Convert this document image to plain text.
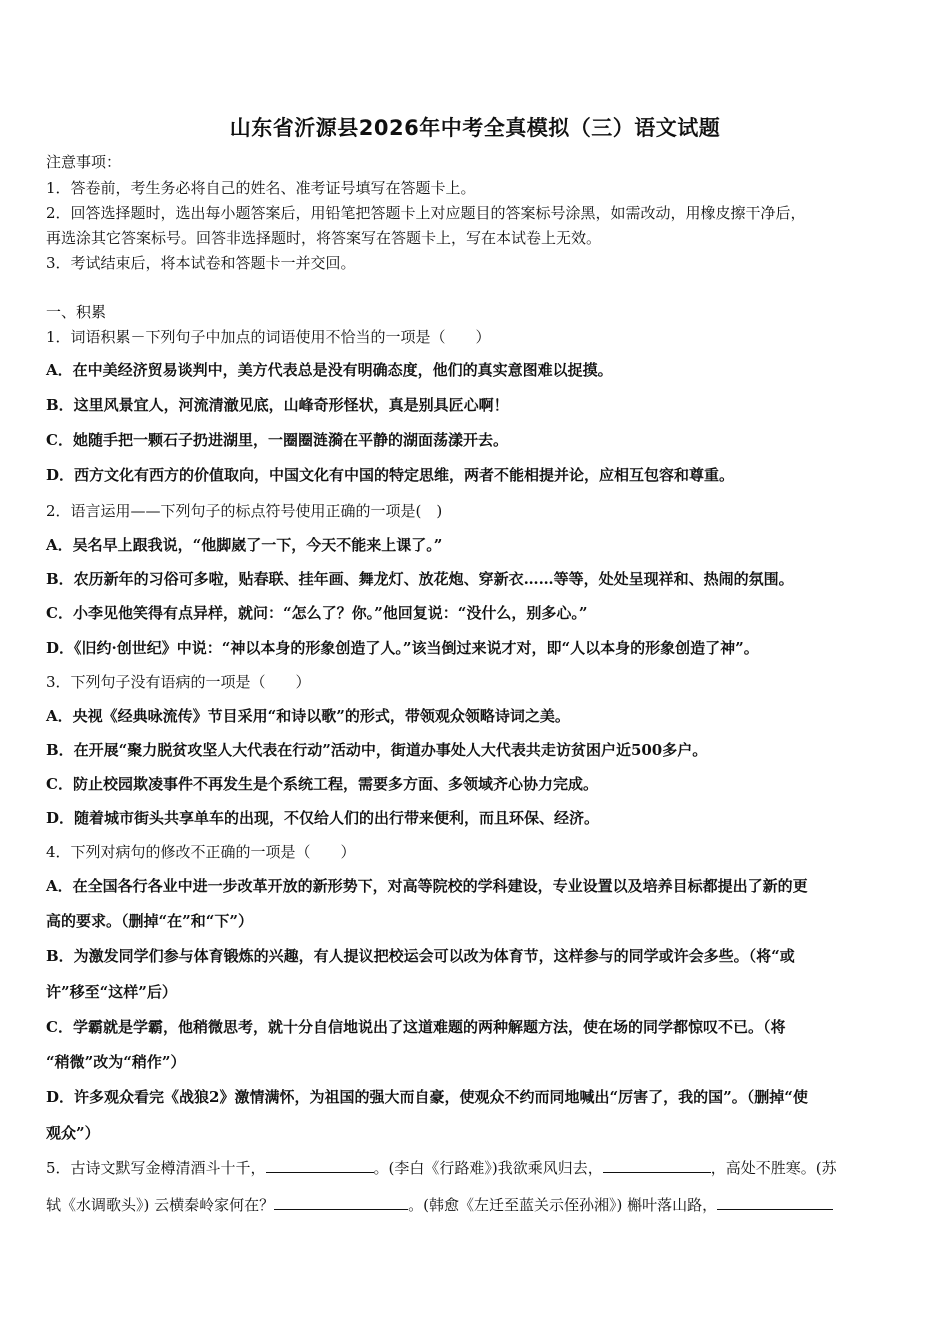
山东省沂源县2026年中考全真模拟（三）语文试题
注意事项：
1．答卷前，考生务必将自己的姓名、准考证号填写在答题卡上。
2．回答选择题时，选出每小题答案后，用铅笔把答题卡上对应题目的答案标号涂黑，如需改动，用橡皮擦干净后，
再选涂其它答案标号。回答非选择题时，将答案写在答题卡上，写在本试卷上无效。
3．考试结束后，将本试卷和答题卡一并交回。
一、积累
1．词语积累－下列句子中加点的词语使用不恰当的一项是（　　）
A．在中美经济贸易谈判中，美方代表总是没有明确态度，他们的真实意图难以捉摸。
B．这里风景宜人，河流清澈见底，山峰奇形怪状，真是别具匠心啊！
C．她随手把一颗石子扔进湖里，一圈圈涟漪在平静的湖面荡漾开去。
D．西方文化有西方的价值取向，中国文化有中国的特定思维，两者不能相提并论，应相互包容和尊重。
2．语言运用——下列句子的标点符号使用正确的一项是(　)
A．吴名早上跟我说，“他脚崴了一下，今天不能来上课了。”
B．农历新年的习俗可多啦，贴春联、挂年画、舞龙灯、放花炮、穿新衣……等等，处处呈现祥和、热闹的氛围。
C．小李见他笑得有点异样，就问：“怎么了？你。”他回复说：“没什么，别多心。”
D．《旧约·创世纪》中说：“神以本身的形象创造了人。”该当倒过来说才对，即“人以本身的形象创造了神”。
3．下列句子没有语病的一项是（　　）
A．央视《经典咏流传》节目采用“和诗以歌”的形式，带领观众领略诗词之美。
B．在开展“聚力脱贫攻坚人大代表在行动”活动中，街道办事处人大代表共走访贫困户近500多户。
C．防止校园欺凌事件不再发生是个系统工程，需要多方面、多领域齐心协力完成。
D．随着城市街头共享单车的出现，不仅给人们的出行带来便利，而且环保、经济。
4．下列对病句的修改不正确的一项是（　　）
A．在全国各行各业中进一步改革开放的新形势下，对高等院校的学科建设，专业设置以及培养目标都提出了新的更
高的要求。（删掉“在”和“下”）
B．为激发同学们参与体育锻炼的兴趣，有人提议把校运会可以改为体育节，这样参与的同学或许会多些。（将“或
许”移至“这样”后）
C．学霸就是学霸，他稍微思考，就十分自信地说出了这道难题的两种解题方法，使在场的同学都惊叹不已。（将
“稍微”改为“稍作”）
D．许多观众看完《战狼2》激情满怀，为祖国的强大而自豪，使观众不约而同地喊出“厉害了，我的国”。（删掉“使
观众”）
5．古诗文默写金樽清酒斗十千，	。(李白《行路难》)我欲乘风归去，	，高处不胜寒。(苏
轼《水调歌头》) 云横秦岭家何在？	。(韩愈《左迁至蓝关示侄孙湘》) 槲叶落山路，
